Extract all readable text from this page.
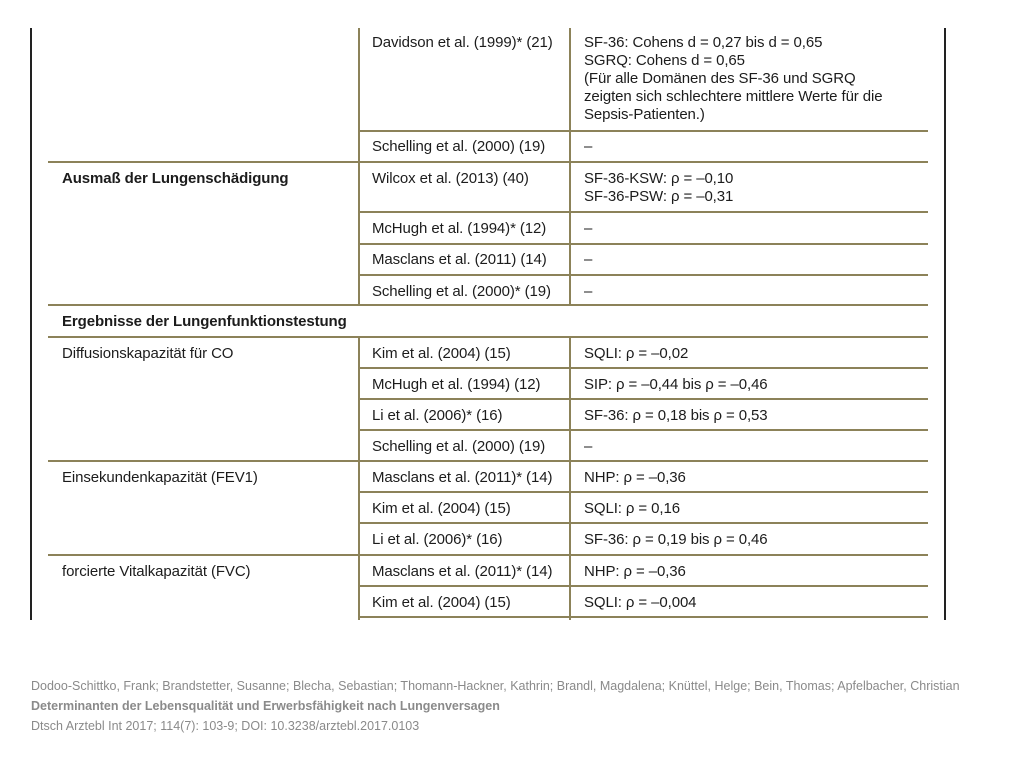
Davidson et al. (1999)* (21) SF-36: Cohens d = 0,27 bis d = 0,65
SGRQ: Cohens d = 0,65
(Für alle Domänen des SF-36 und SGRQ
zeigten sich schlechtere mittlere Werte für die
Sepsis-Patienten.)
Schelling et al. (2000) (19)	–
Ausmaß der Lungenschädigung	Wilcox et al. (2013) (40)	SF-36-KSW: ρ = –0,10
SF-36-PSW: ρ = –0,31
McHugh et al. (1994)* (12)	–
Masclans et al. (2011) (14) –
Schelling et al. (2000)* (19) –
Ergebnisse der Lungenfunktionstestung
Diffusionskapazität für CO	Kim et al. (2004) (15)	SQLI: ρ = –0,02
McHugh et al. (1994) (12)	SIP: ρ = –0,44 bis ρ = –0,46
Li et al. (2006)* (16)	SF-36: ρ = 0,18 bis ρ = 0,53
Schelling et al. (2000) (19)	–
Einsekundenkapazität (FEV1)	Masclans et al. (2011)* (14) NHP: ρ = –0,36
Kim et al. (2004) (15)	SQLI: ρ = 0,16
Li et al. (2006)* (16)	SF-36: ρ = 0,19 bis ρ = 0,46
forcierte Vitalkapazität (FVC)	Masclans et al. (2011)* (14) NHP: ρ = –0,36
Kim et al. (2004) (15)	SQLI: ρ = –0,004
Dodoo-Schittko, Frank; Brandstetter, Susanne; Blecha, Sebastian; Thomann-Hackner, Kathrin; Brandl, Magdalena; Knüttel, Helge; Bein, Thomas; Apfelbacher, Christian
Determinanten der Lebensqualität und Erwerbsfähigkeit nach Lungenversagen
Dtsch Arztebl Int 2017; 114(7): 103-9; DOI: 10.3238/arztebl.2017.0103
